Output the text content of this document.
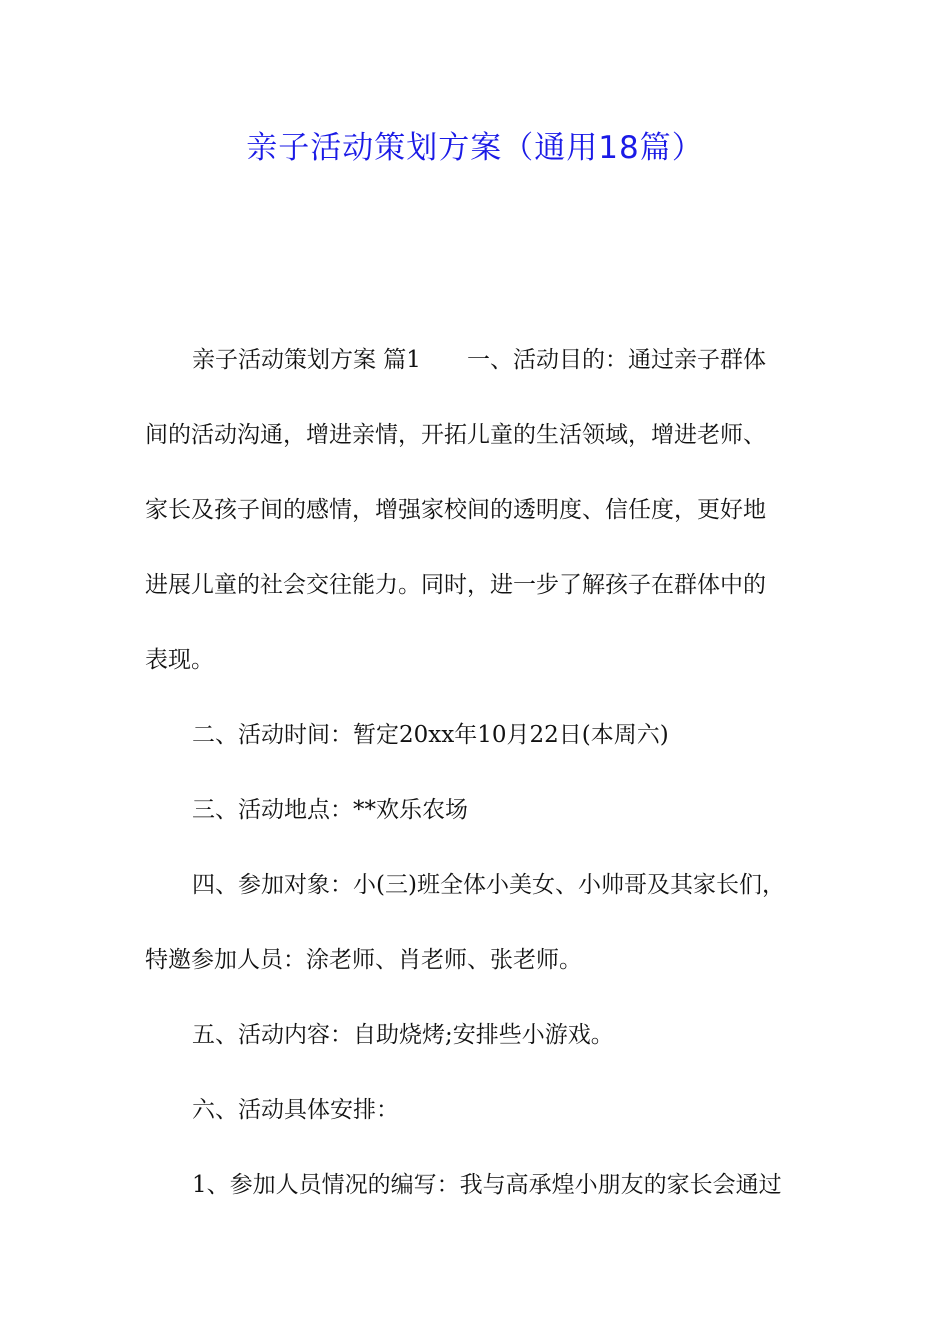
亲子活动策划方案（通用18篇）
亲子活动策划方案 篇1　　一、活动目的：通过亲子群体
间的活动沟通，增进亲情，开拓儿童的生活领域，增进老师、
家长及孩子间的感情，增强家校间的透明度、信任度，更好地
进展儿童的社会交往能力。同时，进一步了解孩子在群体中的
表现。
二、活动时间：暂定20xx年10月22日(本周六)
三、活动地点：**欢乐农场
四、参加对象：小(三)班全体小美女、小帅哥及其家长们，
特邀参加人员：涂老师、肖老师、张老师。
五、活动内容：自助烧烤;安排些小游戏。
六、活动具体安排：
1、参加人员情况的编写：我与高承煌小朋友的家长会通过
